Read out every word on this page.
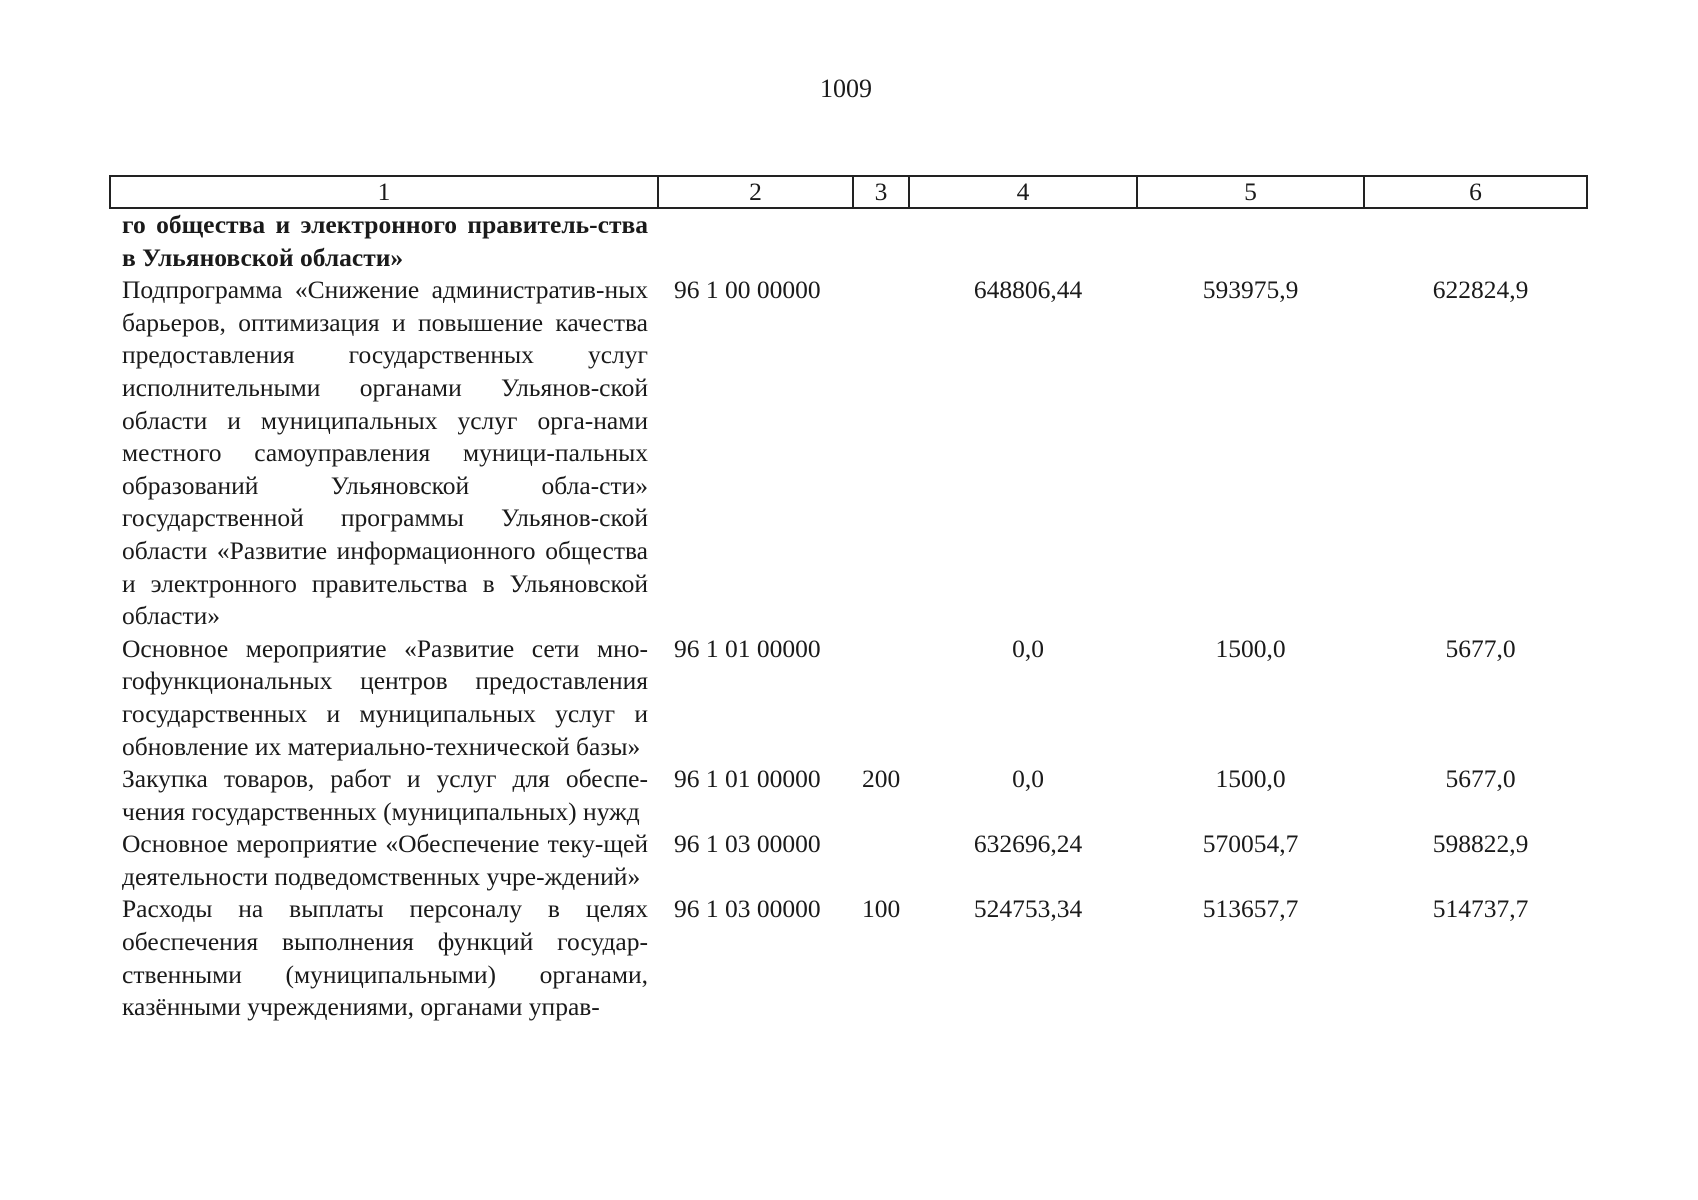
1009
1	2	3	4	5	6
го общества и электронного правитель-ства в Ульяновской области»					
Подпрограмма «Снижение административ-ных барьеров, оптимизация и повышение качества предоставления государственных услуг исполнительными органами Ульянов-ской области и муниципальных услуг орга-нами местного самоуправления муници-пальных образований Ульяновской обла-сти» государственной программы Ульянов-ской области «Развитие информационного общества и электронного правительства в Ульяновской области»	96 1 00 00000		648806,44	593975,9	622824,9
Основное мероприятие «Развитие сети мно-гофункциональных центров предоставления государственных и муниципальных услуг и обновление их материально-технической базы»	96 1 01 00000		0,0	1500,0	5677,0
Закупка товаров, работ и услуг для обеспе-чения государственных (муниципальных) нужд	96 1 01 00000	200	0,0	1500,0	5677,0
Основное мероприятие «Обеспечение теку-щей деятельности подведомственных учре-ждений»	96 1 03 00000		632696,24	570054,7	598822,9
Расходы на выплаты персоналу в целях обеспечения выполнения функций государ-ственными (муниципальными) органами, казёнными учреждениями, органами управ-	96 1 03 00000	100	524753,34	513657,7	514737,7
